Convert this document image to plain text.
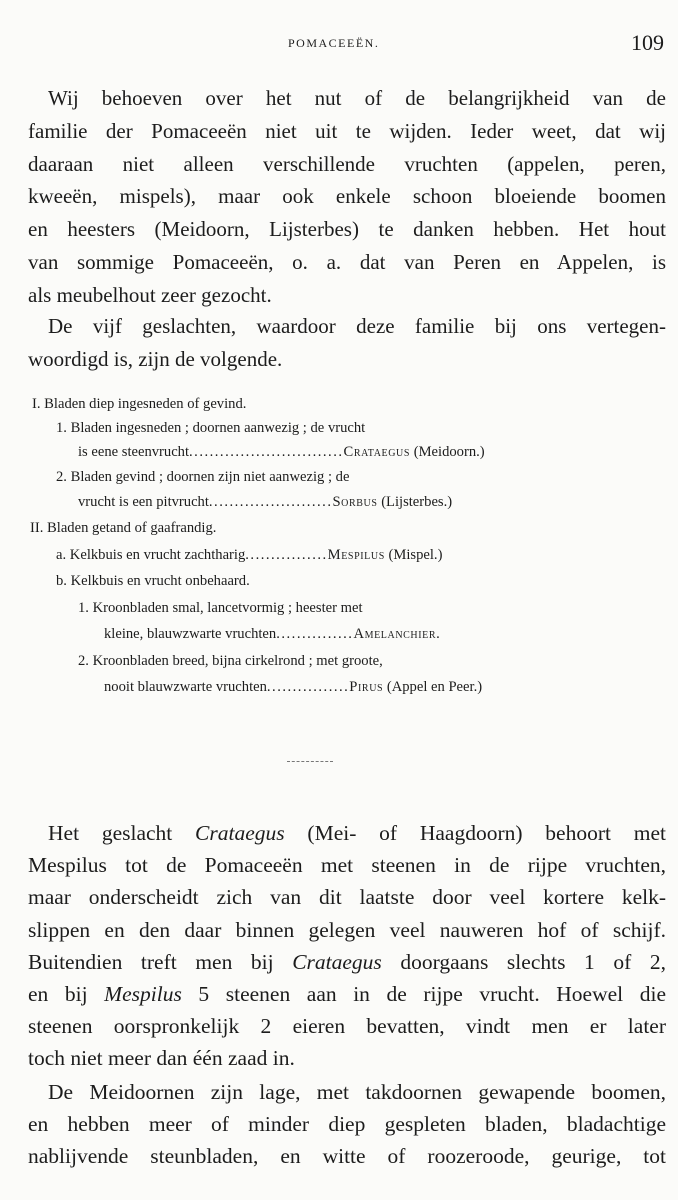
POMACEEËN.	109
Wij behoeven over het nut of de belangrijkheid van de
familie der Pomaceeën niet uit te wijden. Ieder weet, dat wij
daaraan niet alleen verschillende vruchten (appelen, peren,
kweeën, mispels), maar ook enkele schoon bloeiende boomen
en heesters (Meidoorn, Lijsterbes) te danken hebben. Het hout
van sommige Pomaceeën, o. a. dat van Peren en Appelen, is
als meubelhout zeer gezocht.
De vijf geslachten, waardoor deze familie bij ons vertegen-
woordigd is, zijn de volgende.
I. Bladen diep ingesneden of gevind.
1. Bladen ingesneden ; doornen aanwezig ; de vrucht
is eene steenvrucht..............................Crataegus (Meidoorn.)
2. Bladen gevind ; doornen zijn niet aanwezig ; de
vrucht is een pitvrucht........................Sorbus (Lijsterbes.)
II. Bladen getand of gaafrandig.
a. Kelkbuis en vrucht zachtharig................Mespilus (Mispel.)
b. Kelkbuis en vrucht onbehaard.
1. Kroonbladen smal, lancetvormig ; heester met
kleine, blauwzwarte vruchten...............Amelanchier.
2. Kroonbladen breed, bijna cirkelrond ; met groote,
nooit blauwzwarte vruchten................Pirus (Appel en Peer.)
Het geslacht Crataegus (Mei- of Haagdoorn) behoort met
Mespilus tot de Pomaceeën met steenen in de rijpe vruchten,
maar onderscheidt zich van dit laatste door veel kortere kelk-
slippen en den daar binnen gelegen veel nauweren hof of schijf.
Buitendien treft men bij Crataegus doorgaans slechts 1 of 2,
en bij Mespilus 5 steenen aan in de rijpe vrucht. Hoewel die
steenen oorspronkelijk 2 eieren bevatten, vindt men er later
toch niet meer dan één zaad in.
De Meidoornen zijn lage, met takdoornen gewapende boomen,
en hebben meer of minder diep gespleten bladen, bladachtige
nablijvende steunbladen, en witte of roozeroode, geurige, tot
